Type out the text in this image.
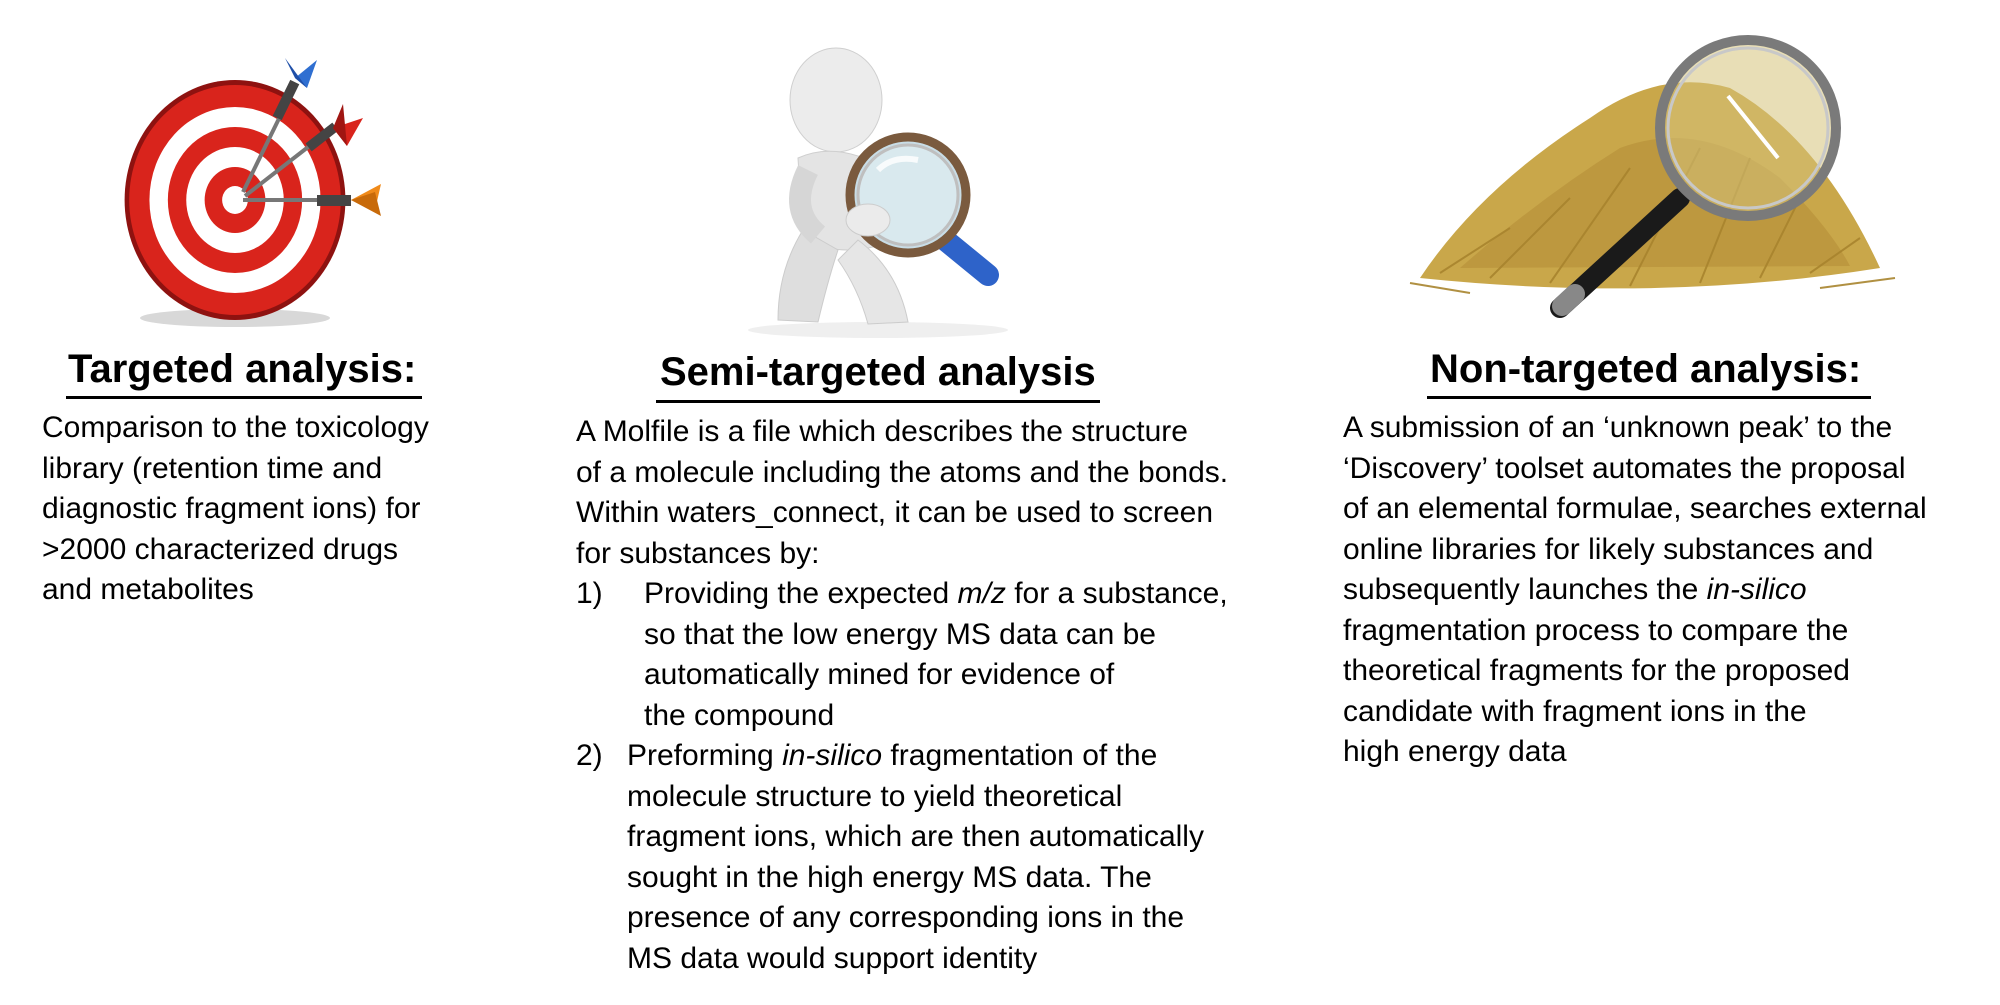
Targeted analysis:
Comparison to the toxicology
library (retention time and
diagnostic fragment ions) for
>2000 characterized drugs
and metabolites
Semi-targeted analysis
A Molfile is a file which describes the structure
of a molecule including the atoms and the bonds.
Within waters_connect, it can be used to screen
for substances by:
1) Providing the expected m/z for a substance,
so that the low energy MS data can be
automatically mined for evidence of
the compound
2) Preforming in-silico fragmentation of the
molecule structure to yield theoretical
fragment ions, which are then automatically
sought in the high energy MS data. The
presence of any corresponding ions in the
MS data would support identity
Non-targeted analysis:
A submission of an ‘unknown peak’ to the
‘Discovery’ toolset automates the proposal
of an elemental formulae, searches external
online libraries for likely substances and
subsequently launches the in-silico
fragmentation process to compare the
theoretical fragments for the proposed
candidate with fragment ions in the
high energy data
